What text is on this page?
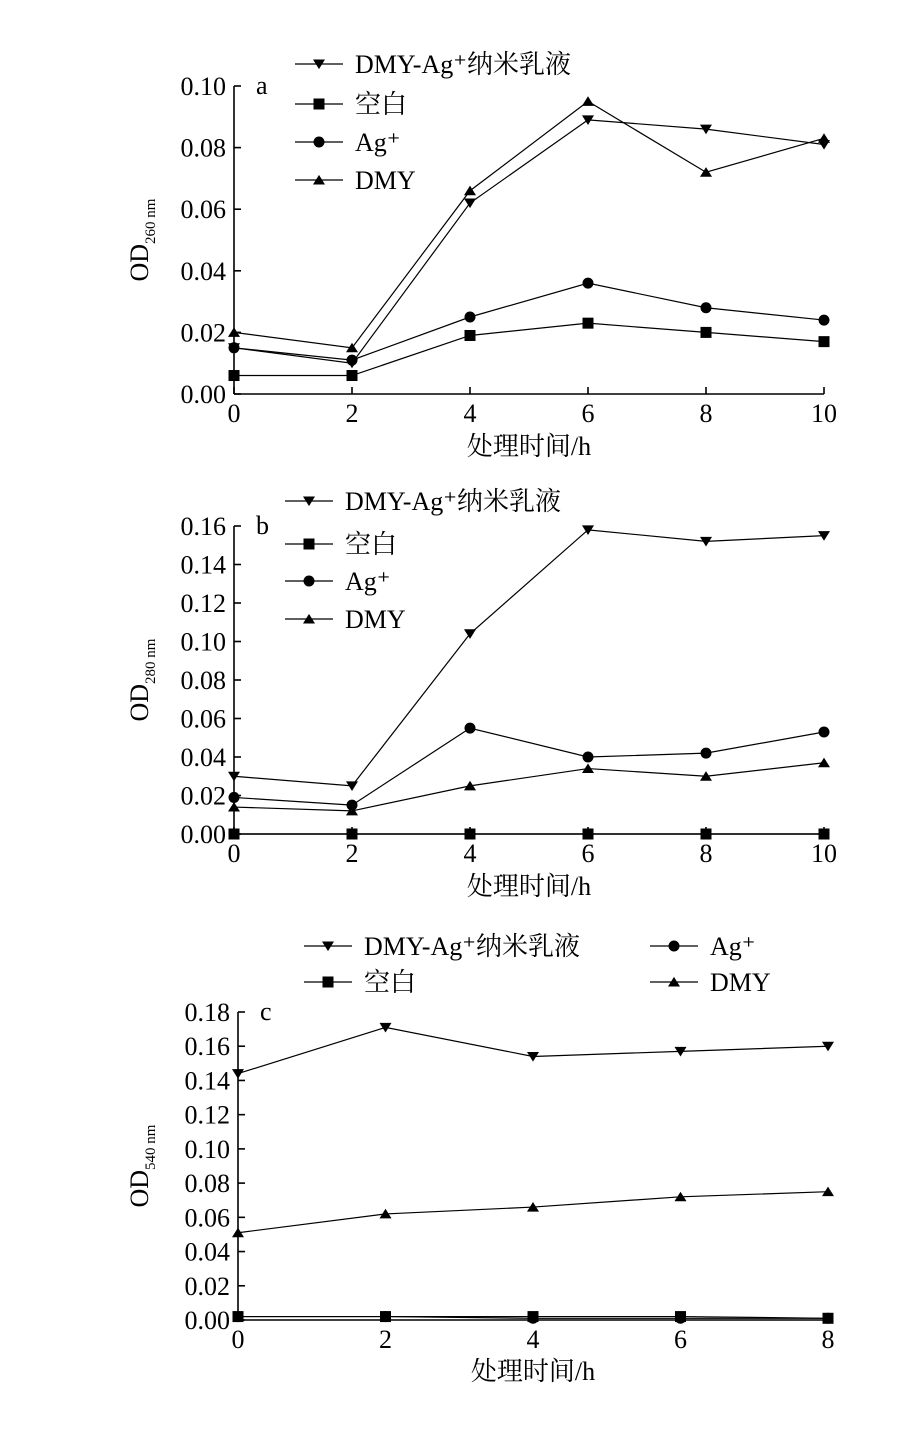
0.00
0.02
0.04
0.06
0.08
0.10
0	2	4	6	8	10
a
处理时间/h
$OD_{260 nm}$
DMY-Ag⁺纳米乳液
空白
Ag⁺
DMY
0.00
0.02
0.04
0.06
0.08
0.10
0.12
0.14
0.16
0	2	4	6	8	10
b
处理时间/h
$OD_{280 nm}$
DMY-Ag⁺纳米乳液
空白
Ag⁺
DMY
0.00
0.02
0.04
0.06
0.08
0.10
0.12
0.14
0.16
0.18
0	2	4	6	8
c
处理时间/h
$OD_{540 nm}$
DMY-Ag⁺纳米乳液
空白
Ag⁺
DMY
